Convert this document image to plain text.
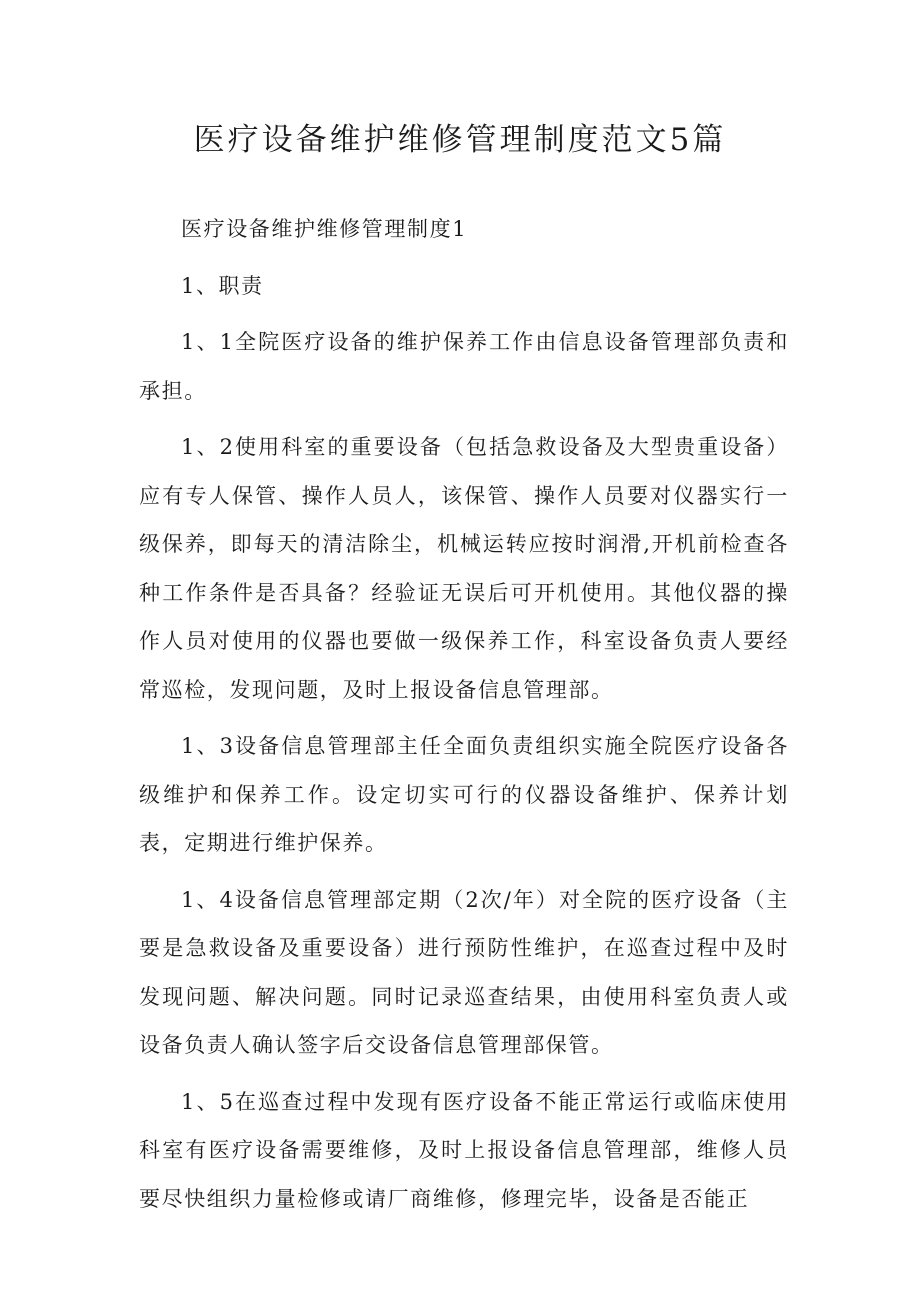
医疗设备维护维修管理制度范文5篇

医疗设备维护维修管理制度1

1、职责

1、1全院医疗设备的维护保养工作由信息设备管理部负责和承担。

1、2使用科室的重要设备（包括急救设备及大型贵重设备）应有专人保管、操作人员人，该保管、操作人员要对仪器实行一级保养，即每天的清洁除尘，机械运转应按时润滑,开机前检查各种工作条件是否具备？经验证无误后可开机使用。其他仪器的操作人员对使用的仪器也要做一级保养工作，科室设备负责人要经常巡检，发现问题，及时上报设备信息管理部。

1、3设备信息管理部主任全面负责组织实施全院医疗设备各级维护和保养工作。设定切实可行的仪器设备维护、保养计划表，定期进行维护保养。

1、4设备信息管理部定期（2次/年）对全院的医疗设备（主要是急救设备及重要设备）进行预防性维护，在巡查过程中及时发现问题、解决问题。同时记录巡查结果，由使用科室负责人或设备负责人确认签字后交设备信息管理部保管。

1、5在巡查过程中发现有医疗设备不能正常运行或临床使用科室有医疗设备需要维修，及时上报设备信息管理部，维修人员要尽快组织力量检修或请厂商维修，修理完毕，设备是否能正
